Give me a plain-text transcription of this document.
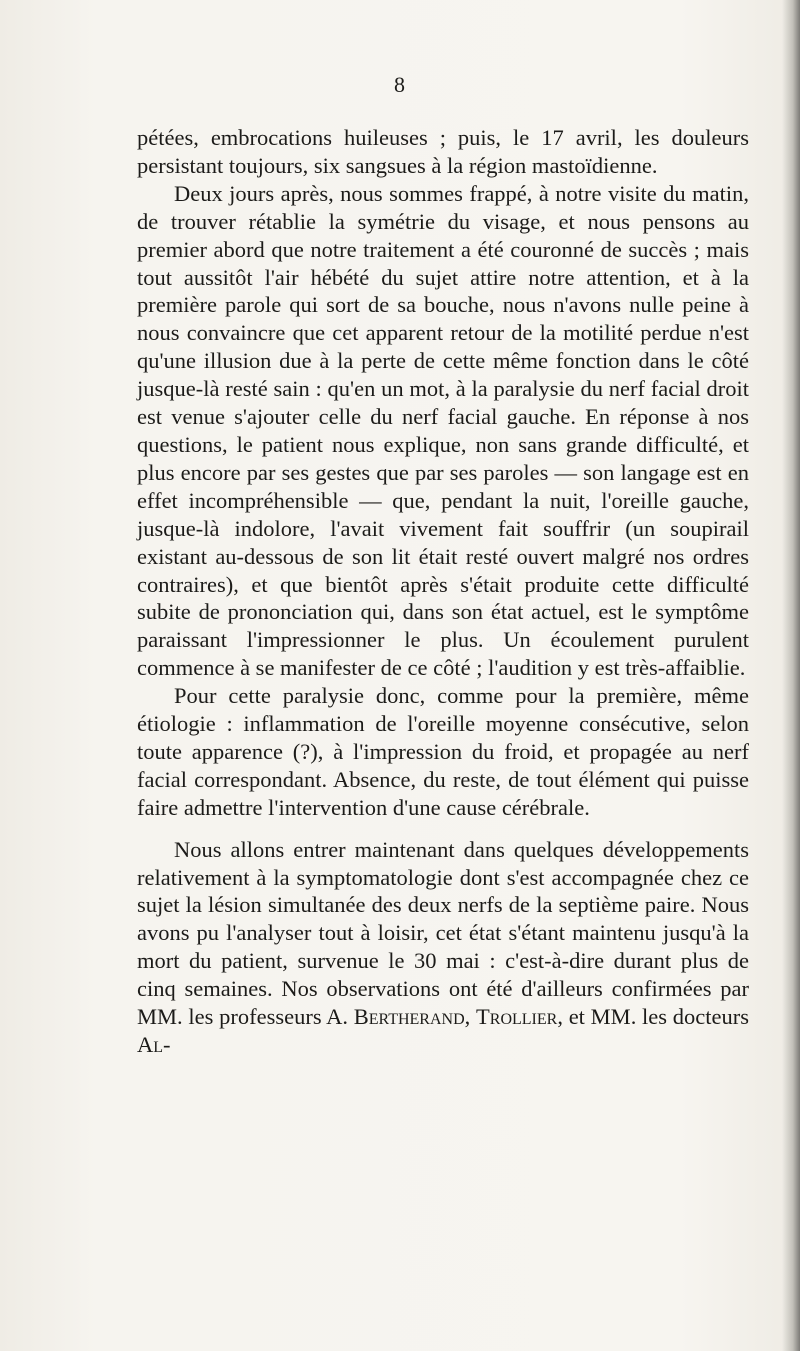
8

pétées, embrocations huileuses ; puis, le 17 avril, les douleurs persistant toujours, six sangsues à la région mastoïdienne.

Deux jours après, nous sommes frappé, à notre visite du matin, de trouver rétablie la symétrie du visage, et nous pensons au premier abord que notre traitement a été couronné de succès ; mais tout aussitôt l'air hébété du sujet attire notre attention, et à la première parole qui sort de sa bouche, nous n'avons nulle peine à nous convaincre que cet apparent retour de la motilité perdue n'est qu'une illusion due à la perte de cette même fonction dans le côté jusque-là resté sain : qu'en un mot, à la paralysie du nerf facial droit est venue s'ajouter celle du nerf facial gauche. En réponse à nos questions, le patient nous explique, non sans grande difficulté, et plus encore par ses gestes que par ses paroles — son langage est en effet incompréhensible — que, pendant la nuit, l'oreille gauche, jusque-là indolore, l'avait vivement fait souffrir (un soupirail existant au-dessous de son lit était resté ouvert malgré nos ordres contraires), et que bientôt après s'était produite cette difficulté subite de prononciation qui, dans son état actuel, est le symptôme paraissant l'impressionner le plus. Un écoulement purulent commence à se manifester de ce côté ; l'audition y est très-affaiblie.

Pour cette paralysie donc, comme pour la première, même étiologie : inflammation de l'oreille moyenne consécutive, selon toute apparence (?), à l'impression du froid, et propagée au nerf facial correspondant. Absence, du reste, de tout élément qui puisse faire admettre l'intervention d'une cause cérébrale.

Nous allons entrer maintenant dans quelques développements relativement à la symptomatologie dont s'est accompagnée chez ce sujet la lésion simultanée des deux nerfs de la septième paire. Nous avons pu l'analyser tout à loisir, cet état s'étant maintenu jusqu'à la mort du patient, survenue le 30 mai : c'est-à-dire durant plus de cinq semaines. Nos observations ont été d'ailleurs confirmées par MM. les professeurs A. Bertherand, Trollier, et MM. les docteurs Al-
